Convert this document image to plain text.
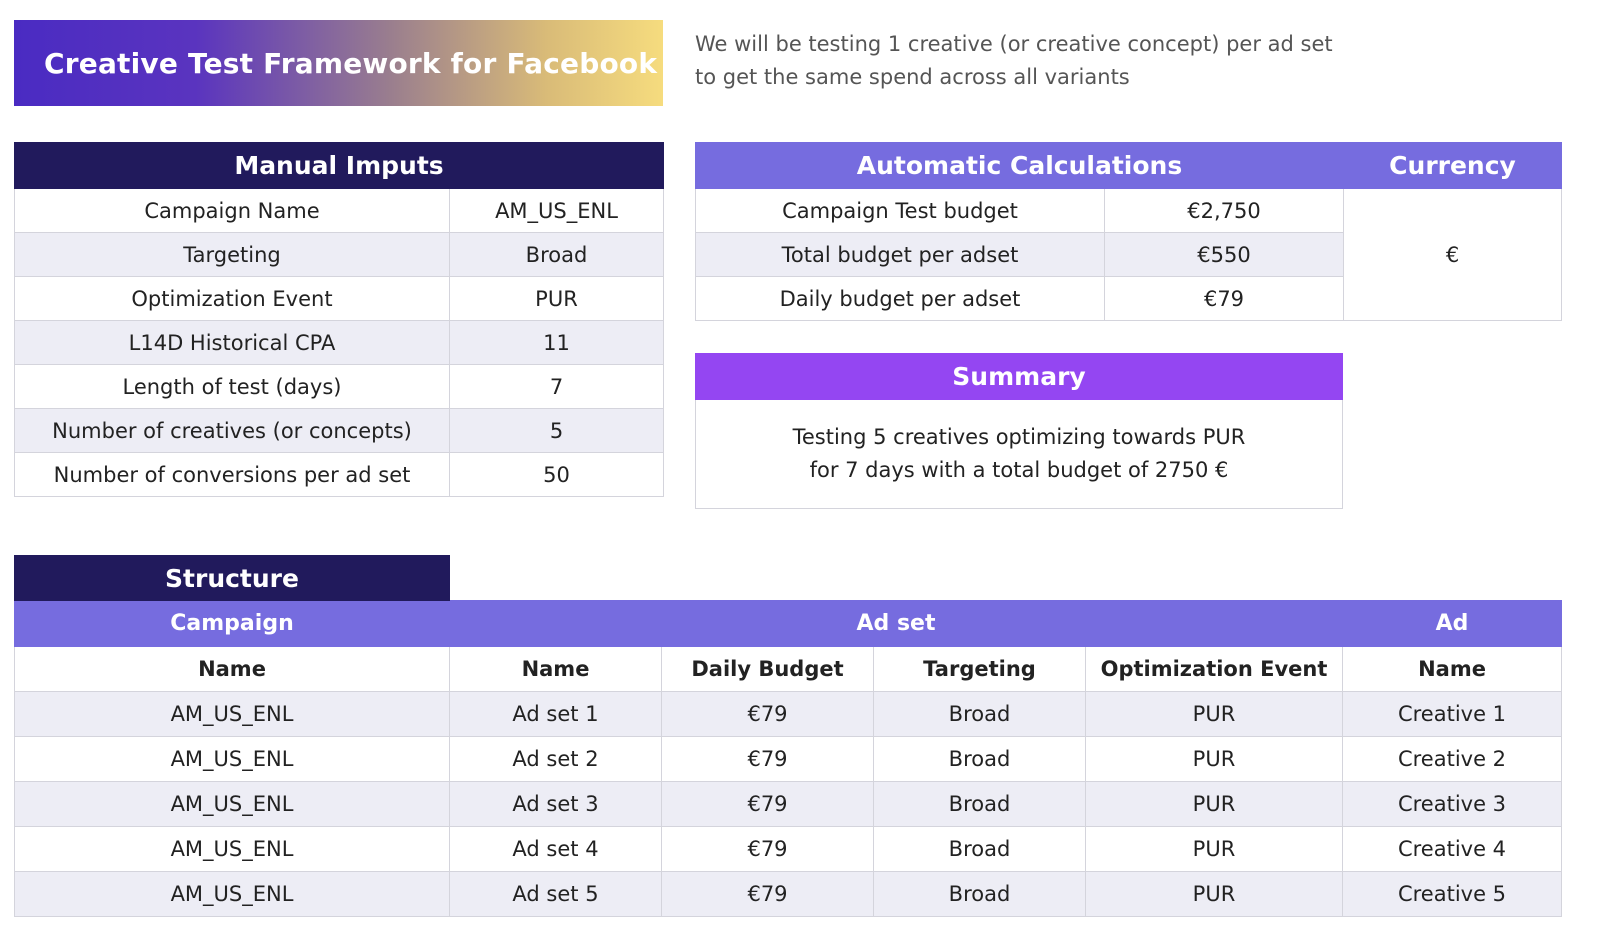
Creative Test Framework for Facebook
We will be testing 1 creative (or creative concept) per ad set
to get the same spend across all variants
Manual Imputs	
Campaign Name	AM_US_ENL
Targeting	Broad
Optimization Event	PUR
L14D Historical CPA	11
Length of test (days)	7
Number of creatives (or concepts)	5
Number of conversions per ad set	50
Automatic Calculations		Currency
Campaign Test budget	€2,750	€
Total budget per adset	€550	
Daily budget per adset	€79	
Summary

Testing 5 creatives optimizing towards PUR
for 7 days with a total budget of 2750 €
Structure					
Campaign	Ad set				Ad
Name	Name	Daily Budget	Targeting	Optimization Event	Name
AM_US_ENL	Ad set 1	€79	Broad	PUR	Creative 1
AM_US_ENL	Ad set 2	€79	Broad	PUR	Creative 2
AM_US_ENL	Ad set 3	€79	Broad	PUR	Creative 3
AM_US_ENL	Ad set 4	€79	Broad	PUR	Creative 4
AM_US_ENL	Ad set 5	€79	Broad	PUR	Creative 5
